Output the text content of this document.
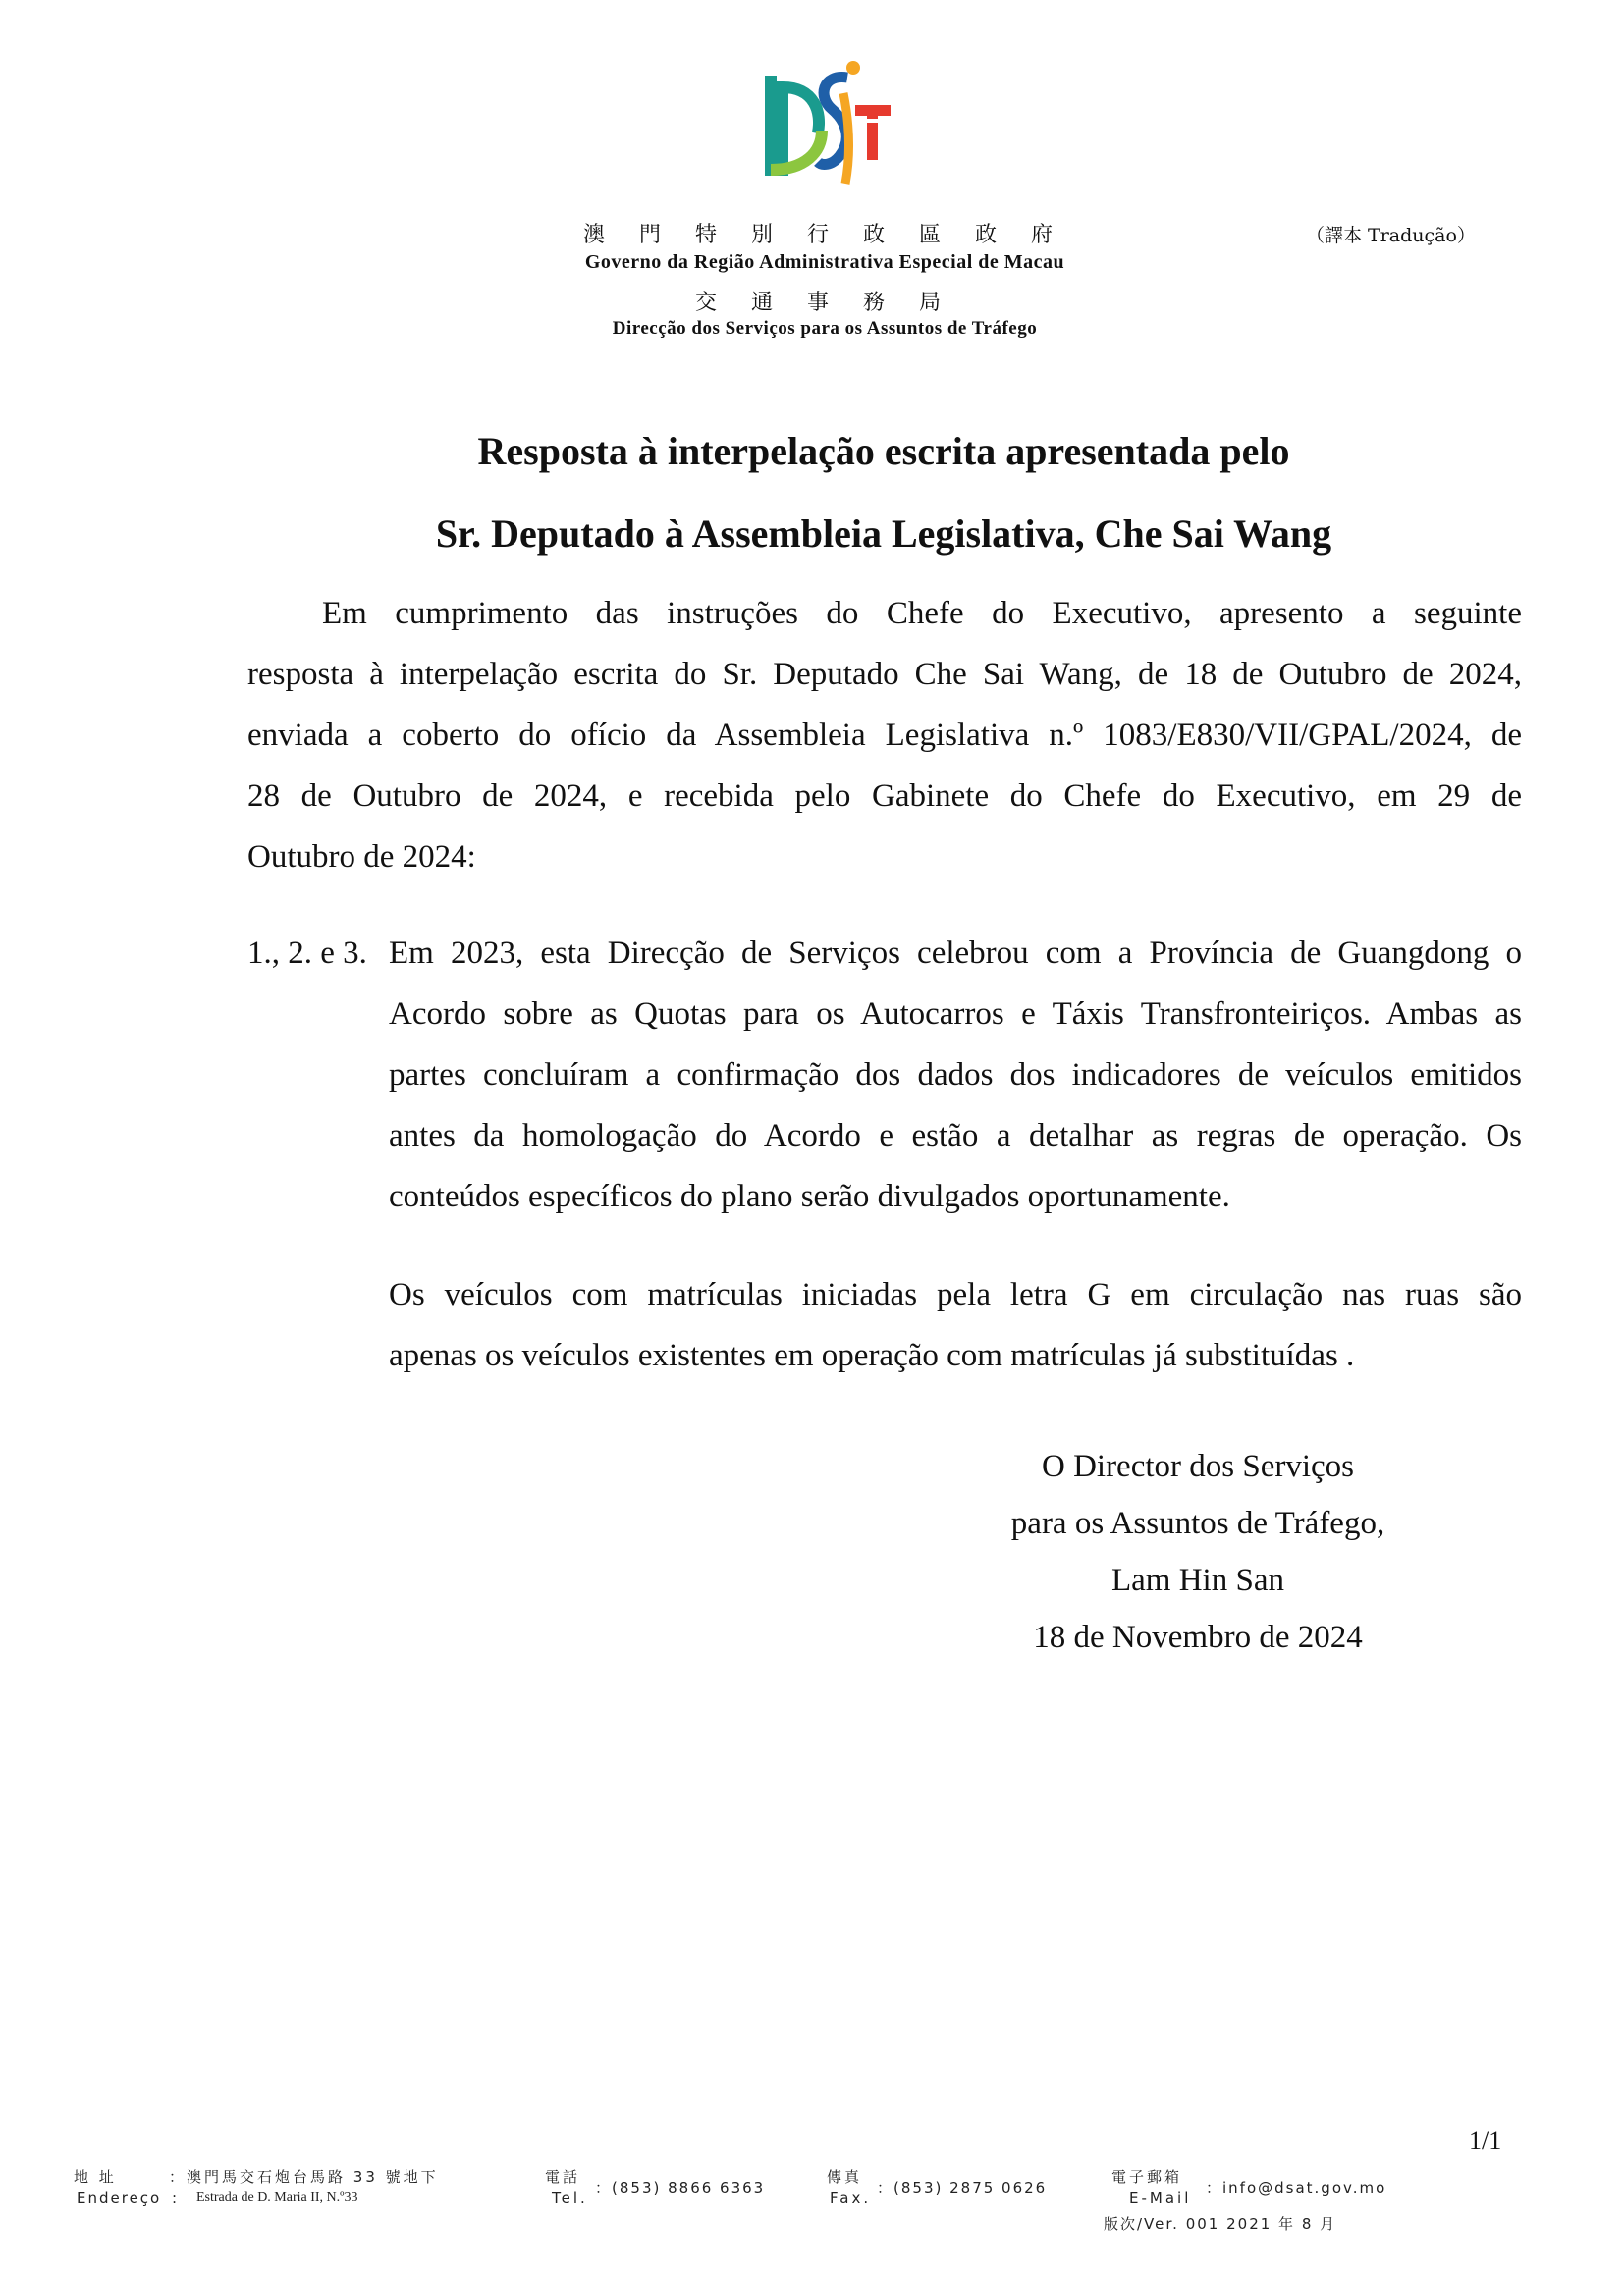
澳 門 特 別 行 政 區 政 府
Governo da Região Administrativa Especial de Macau
交 通 事 務 局
Direcção dos Serviços para os Assuntos de Tráfego
（譯本 Tradução）
Resposta à interpelação escrita apresentada pelo
Sr. Deputado à Assembleia Legislativa, Che Sai Wang
Em cumprimento das instruções do Chefe do Executivo, apresento a seguinte
resposta à interpelação escrita do Sr. Deputado Che Sai Wang, de 18 de Outubro de 2024,
enviada a coberto do ofício da Assembleia Legislativa n.º 1083/E830/VII/GPAL/2024, de
28 de Outubro de 2024, e recebida pelo Gabinete do Chefe do Executivo, em 29 de
Outubro de 2024:
1., 2. e 3. Em 2023, esta Direcção de Serviços celebrou com a Província de Guangdong o
Acordo sobre as Quotas para os Autocarros e Táxis Transfronteiriços. Ambas as
partes concluíram a confirmação dos dados dos indicadores de veículos emitidos
antes da homologação do Acordo e estão a detalhar as regras de operação. Os
conteúdos específicos do plano serão divulgados oportunamente.
Os veículos com matrículas iniciadas pela letra G em circulação nas ruas são
apenas os veículos existentes em operação com matrículas já substituídas .
O Director dos Serviços
para os Assuntos de Tráfego,
Lam Hin San
18 de Novembro de 2024
1/1
地 址
Endereço
：澳門馬交石炮台馬路 33 號地下
: Estrada de D. Maria II, N.º33
電話
Tel.
：(853) 8866 6363
傳真
Fax.
：(853) 2875 0626
電子郵箱
E-Mail
：info@dsat.gov.mo
版次/Ver. 001 2021 年 8 月
